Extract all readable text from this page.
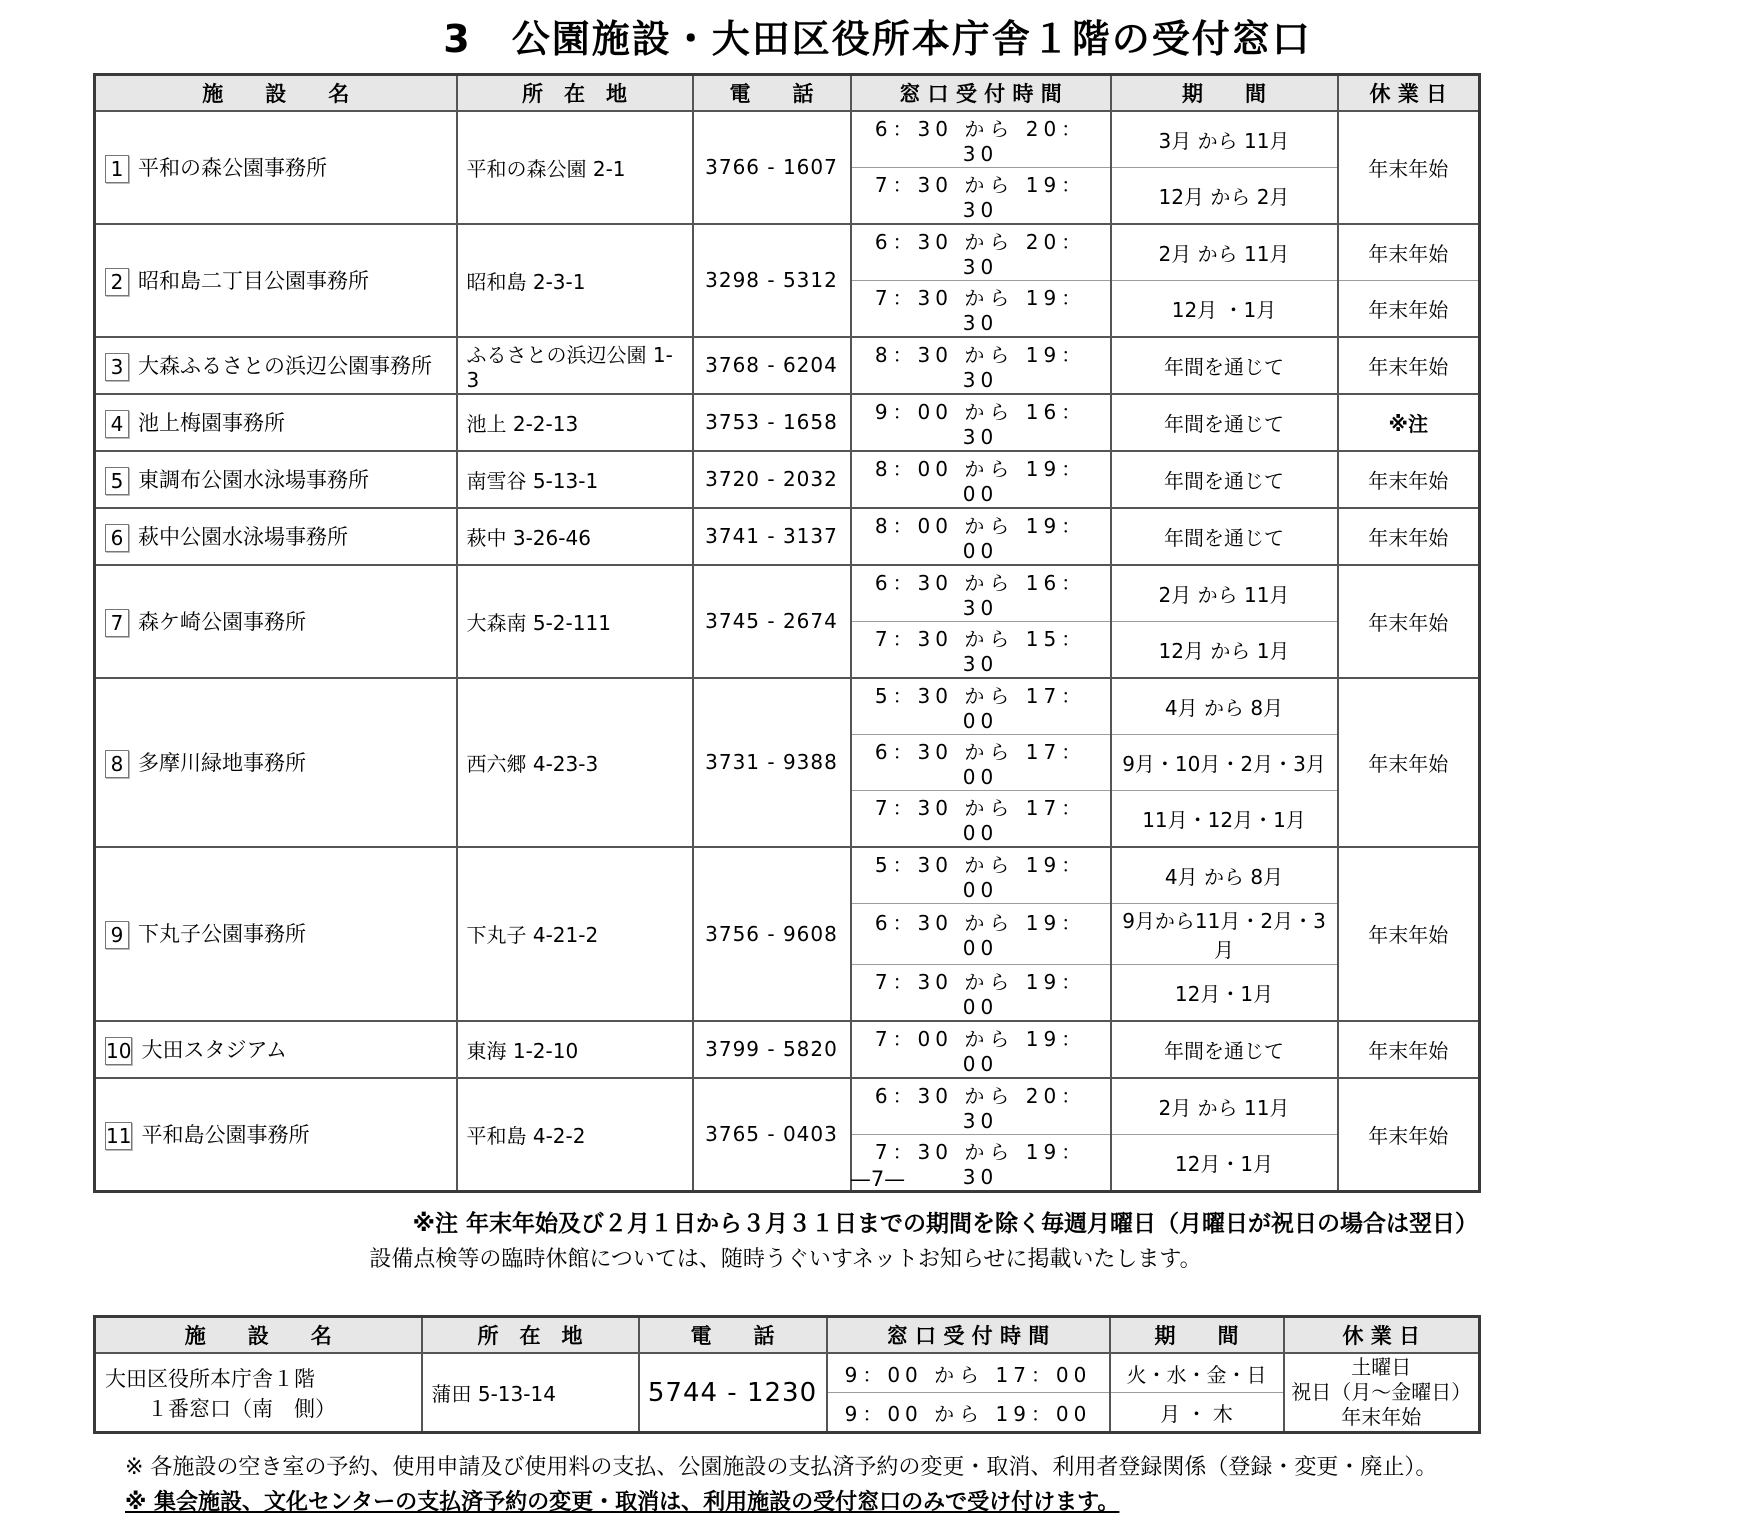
3　公園施設・大田区役所本庁舎１階の受付窓口
施　　設　　名	所　在　地	電　　話	窓 口 受 付 時 間	期　　間	休 業 日
1 平和の森公園事務所	平和の森公園 2-1	3766 - 1607	6：30 から 20：30	3月 から 11月	年末年始
			7：30 から 19：30	12月 から 2月	
2 昭和島二丁目公園事務所	昭和島 2-3-1	3298 - 5312	6：30 から 20：30	2月 から 11月	年末年始
			7：30 から 19：30	12月 ・1月	年末年始
3 大森ふるさとの浜辺公園事務所	ふるさとの浜辺公園 1-3	3768 - 6204	8：30 から 19：30	年間を通じて	年末年始
4 池上梅園事務所	池上 2-2-13	3753 - 1658	9：00 から 16：30	年間を通じて	※注
5 東調布公園水泳場事務所	南雪谷 5-13-1	3720 - 2032	8：00 から 19：00	年間を通じて	年末年始
6 萩中公園水泳場事務所	萩中 3-26-46	3741 - 3137	8：00 から 19：00	年間を通じて	年末年始
7 森ケ崎公園事務所	大森南 5-2-111	3745 - 2674	6：30 から 16：30	2月 から 11月	年末年始
			7：30 から 15：30	12月 から 1月	
8 多摩川緑地事務所	西六郷 4-23-3	3731 - 9388	5：30 から 17：00	4月 から 8月	年末年始
			6：30 から 17：00	9月・10月・2月・3月	
			7：30 から 17：00	11月・12月・1月	
9 下丸子公園事務所	下丸子 4-21-2	3756 - 9608	5：30 から 19：00	4月 から 8月	年末年始
			6：30 から 19：00	9月から11月・2月・3月	
			7：30 から 19：00	12月・1月	
10 大田スタジアム	東海 1-2-10	3799 - 5820	7：00 から 19：00	年間を通じて	年末年始
11 平和島公園事務所	平和島 4-2-2	3765 - 0403	6：30 から 20：30	2月 から 11月	年末年始
			7：30 から 19：30	12月・1月	
※注 年末年始及び２月１日から３月３１日までの期間を除く毎週月曜日（月曜日が祝日の場合は翌日）
設備点検等の臨時休館については、随時うぐいすネットお知らせに掲載いたします。
施　　設　　名	所　在　地	電　　話	窓 口 受 付 時 間	期　　間	休 業 日

大田区役所本庁舎１階
１番窓口（南　側）	蒲田 5-13-14	5744 - 1230	9：00 から 17：00	火・水・金・日	土曜日
祝日（月～金曜日）
年末年始

			9：00 から 19：00	月 ・ 木	
※ 各施設の空き室の予約、使用申請及び使用料の支払、公園施設の支払済予約の変更・取消、利用者登録関係（登録・変更・廃止）。
※ 集会施設、文化センターの支払済予約の変更・取消は、利用施設の受付窓口のみで受け付けます。
—7—
